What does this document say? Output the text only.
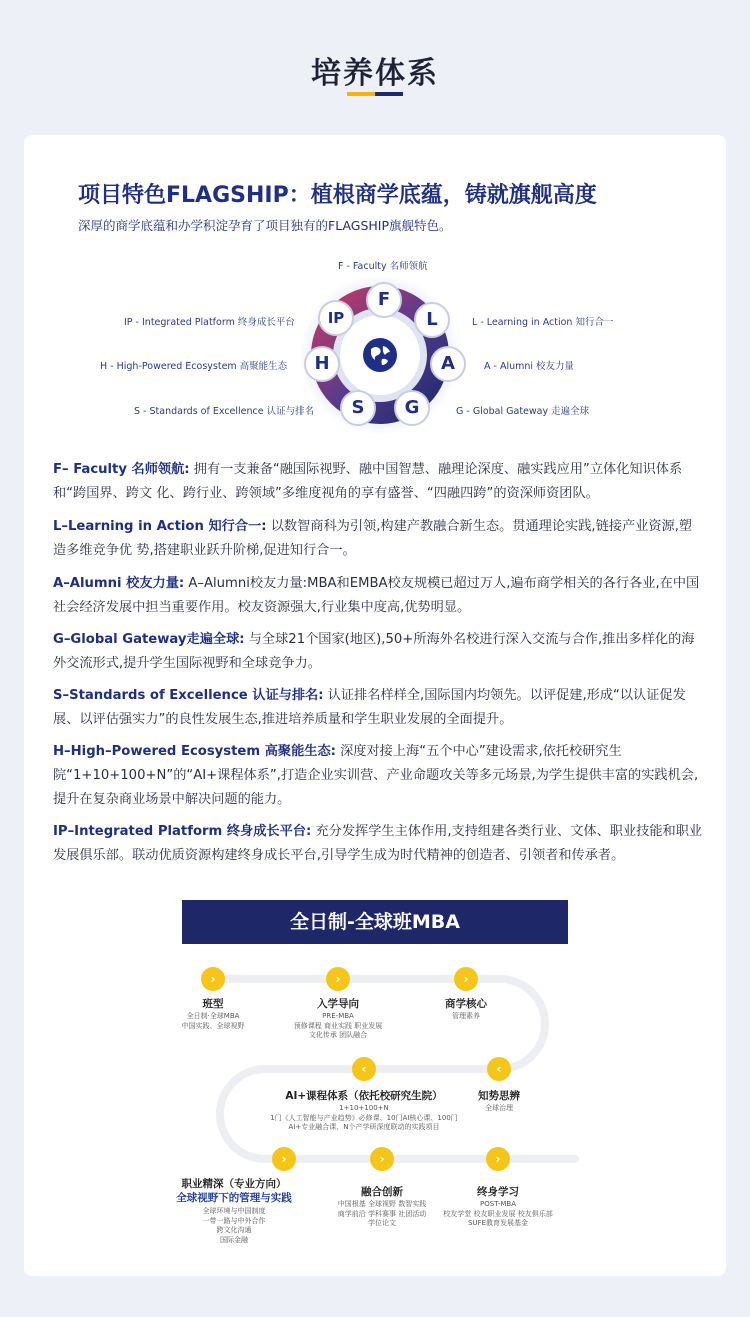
培养体系
项目特色FLAGSHIP：植根商学底蕴，铸就旗舰高度
深厚的商学底蕴和办学积淀孕育了项目独有的FLAGSHIP旗舰特色。
F
L
A
G
S
H
IP
F - Faculty 名师领航
L - Learning in Action 知行合一
A - Alumni 校友力量
G - Global Gateway 走遍全球
S - Standards of Excellence 认证与排名
H - High-Powered Ecosystem 高聚能生态
IP - Integrated Platform 终身成长平台
F– Faculty 名师领航: 拥有一支兼备“融国际视野、融中国智慧、融理论深度、融实践应用”立体化知识体系和“跨国界、跨文 化、跨行业、跨领域”多维度视角的享有盛誉、“四融四跨”的资深师资团队。
L–Learning in Action 知行合一: 以数智商科为引领,构建产教融合新生态。贯通理论实践,链接产业资源,塑造多维竞争优 势,搭建职业跃升阶梯,促进知行合一。
A–Alumni 校友力量: A–Alumni校友力量:MBA和EMBA校友规模已超过万人,遍布商学相关的各行各业,在中国社会经济发展中担当重要作用。校友资源强大,行业集中度高,优势明显。
G–Global Gateway走遍全球: 与全球21个国家(地区),50+所海外名校进行深入交流与合作,推出多样化的海外交流形式,提升学生国际视野和全球竞争力。
S–Standards of Excellence 认证与排名: 认证排名样样全,国际国内均领先。以评促建,形成“以认证促发展、以评估强实力”的良性发展生态,推进培养质量和学生职业发展的全面提升。
H–High–Powered Ecosystem 高聚能生态: 深度对接上海“五个中心”建设需求,依托校研究生院“1+10+100+N”的“AI+课程体系”,打造企业实训营、产业命题攻关等多元场景,为学生提供丰富的实践机会,提升在复杂商业场景中解决问题的能力。
IP–Integrated Platform 终身成长平台: 充分发挥学生主体作用,支持组建各类行业、文体、职业技能和职业发展俱乐部。联动优质资源构建终身成长平台,引导学生成为时代精神的创造者、引领者和传承者。
全日制-全球班MBA
›	›	›
‹
‹
›	›	›
班型
全日制·全球MBA
中国实践、全球视野
入学导向
PRE-MBA
预修课程 商业实践 职业发展
文化传承 团队融合
商学核心
管理素养
知势思辨
全球治理
AI+课程体系（依托校研究生院）
1+10+100+N
1门《人工智能与产业趋势》必修课、10门AI核心课、100门
AI+专业融合课、N个产学研深度联动的实践项目
职业精深（专业方向）
全球视野下的管理与实践
全球环境与中国制度
一带一路与中外合作
跨文化沟通
国际金融
融合创新
中国根基 全球视野 数智实践
商学前沿 学科赛事 社团活动
学位论文
终身学习
POST-MBA
校友学堂 校友职业发展 校友俱乐部
SUFE教育发展基金
